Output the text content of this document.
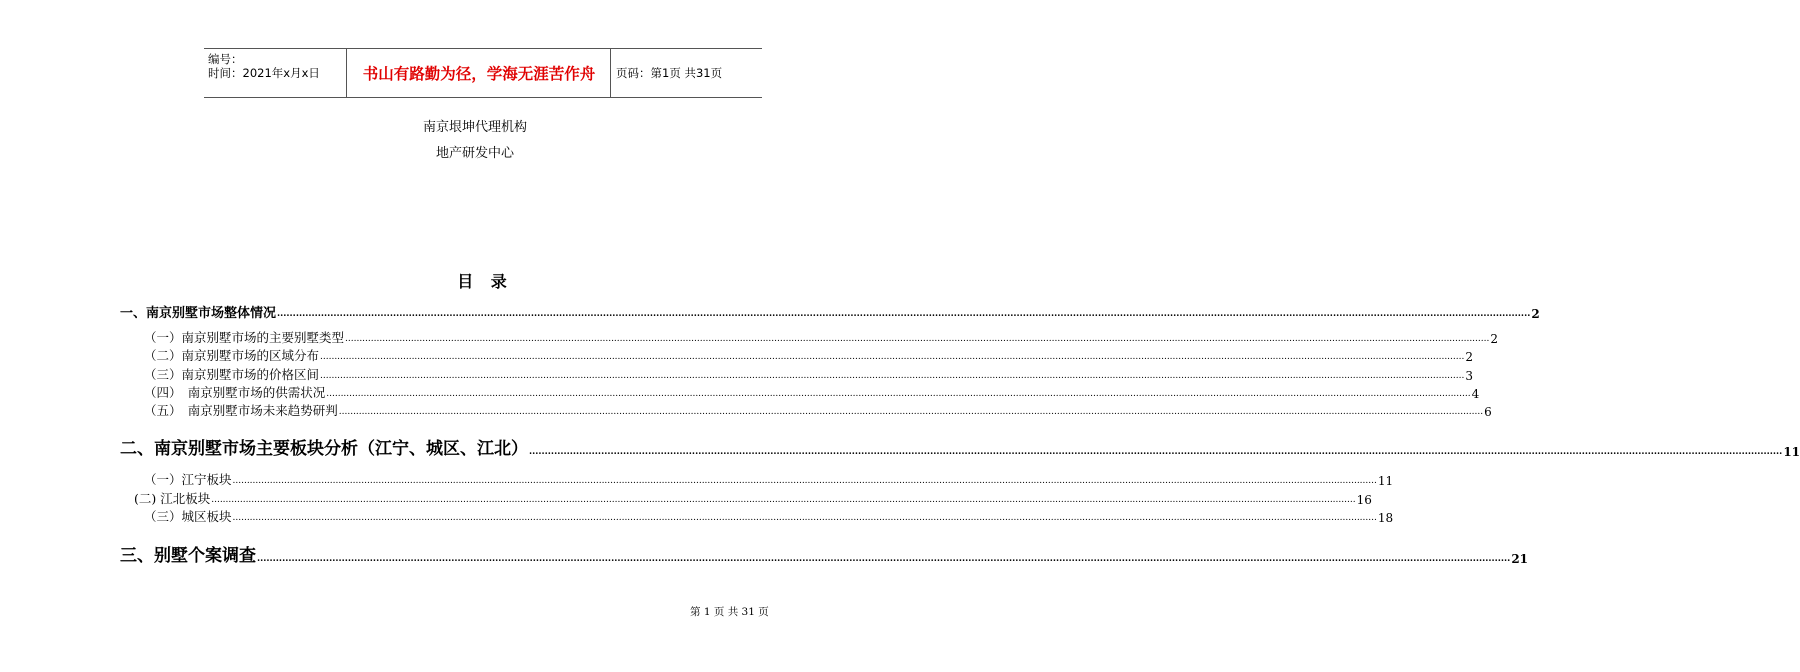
编号：
时间：2021年x月x日	书山有路勤为径，学海无涯苦作舟	页码：第1页 共31页
南京垠坤代理机构
地产研发中心
目 录
一、南京别墅市场整体情况 ................................................................................................................................................................................................................................................................................................................................................................................................................ 2
（一）南京别墅市场的主要别墅类型 ................................................................................................................................................................................................................................................................................................................................................................................................................ 2
（二）南京别墅市场的区域分布 ................................................................................................................................................................................................................................................................................................................................................................................................................ 2
（三）南京别墅市场的价格区间 ................................................................................................................................................................................................................................................................................................................................................................................................................ 3
（四）　南京别墅市场的供需状况 ................................................................................................................................................................................................................................................................................................................................................................................................................ 4
（五）　南京别墅市场未来趋势研判 ................................................................................................................................................................................................................................................................................................................................................................................................................ 6
二、南京别墅市场主要板块分析（江宁、城区、江北） ................................................................................................................................................................................................................................................................................................................................................................................................................ 11
（一）江宁板块 ................................................................................................................................................................................................................................................................................................................................................................................................................ 11
(二) 江北板块 ................................................................................................................................................................................................................................................................................................................................................................................................................ 16
（三）城区板块 ................................................................................................................................................................................................................................................................................................................................................................................................................ 18
三、别墅个案调查 ................................................................................................................................................................................................................................................................................................................................................................................................................ 21
第 1 页 共 31 页
